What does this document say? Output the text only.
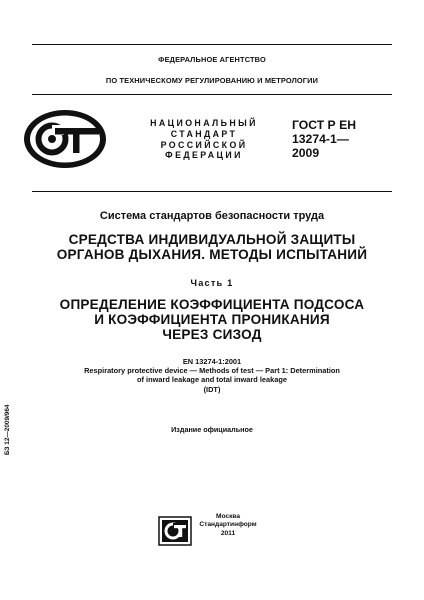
ФЕДЕРАЛЬНОЕ АГЕНТСТВО
ПО ТЕХНИЧЕСКОМУ РЕГУЛИРОВАНИЮ И МЕТРОЛОГИИ
НАЦИОНАЛЬНЫЙ
СТАНДАРТ
РОССИЙСКОЙ
ФЕДЕРАЦИИ
ГОСТ Р ЕН
13274-1—
2009
Система стандартов безопасности труда
СРЕДСТВА ИНДИВИДУАЛЬНОЙ ЗАЩИТЫ
ОРГАНОВ ДЫХАНИЯ. МЕТОДЫ ИСПЫТАНИЙ
Часть 1
ОПРЕДЕЛЕНИЕ КОЭФФИЦИЕНТА ПОДСОСА
И КОЭФФИЦИЕНТА ПРОНИКАНИЯ
ЧЕРЕЗ СИЗОД
EN 13274-1:2001
Respiratory protective device — Methods of test — Part 1: Determination
of inward leakage and total inward leakage
(IDT)
Издание официальное
БЗ 12—2009/964
Москва
Стандартинформ
2011
